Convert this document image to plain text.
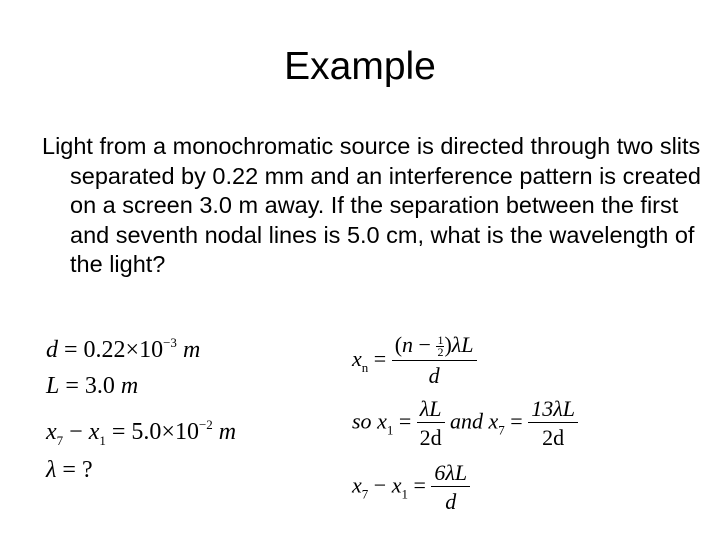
Example
Light from a monochromatic source is directed through two slits separated by 0.22 mm and an interference pattern is created on a screen 3.0 m away. If the separation between the first and seventh nodal lines is 5.0 cm, what is the wavelength of the light?
$d = 0.22\times 10^{-3}$ m
L = 3.0 m
$x_7 - x_1 = 5.0\times 10^{-2}$ m
λ = ?
$x_n = \frac{(n - \frac{1}{2} )\lambda L}{d}$
so $x_1 = \frac{\lambda L}{2d}$ and $x_7 = \frac{13\lambda L}{2d}$
$x_7 - x_1 = \frac{6\lambda L}{d}$
